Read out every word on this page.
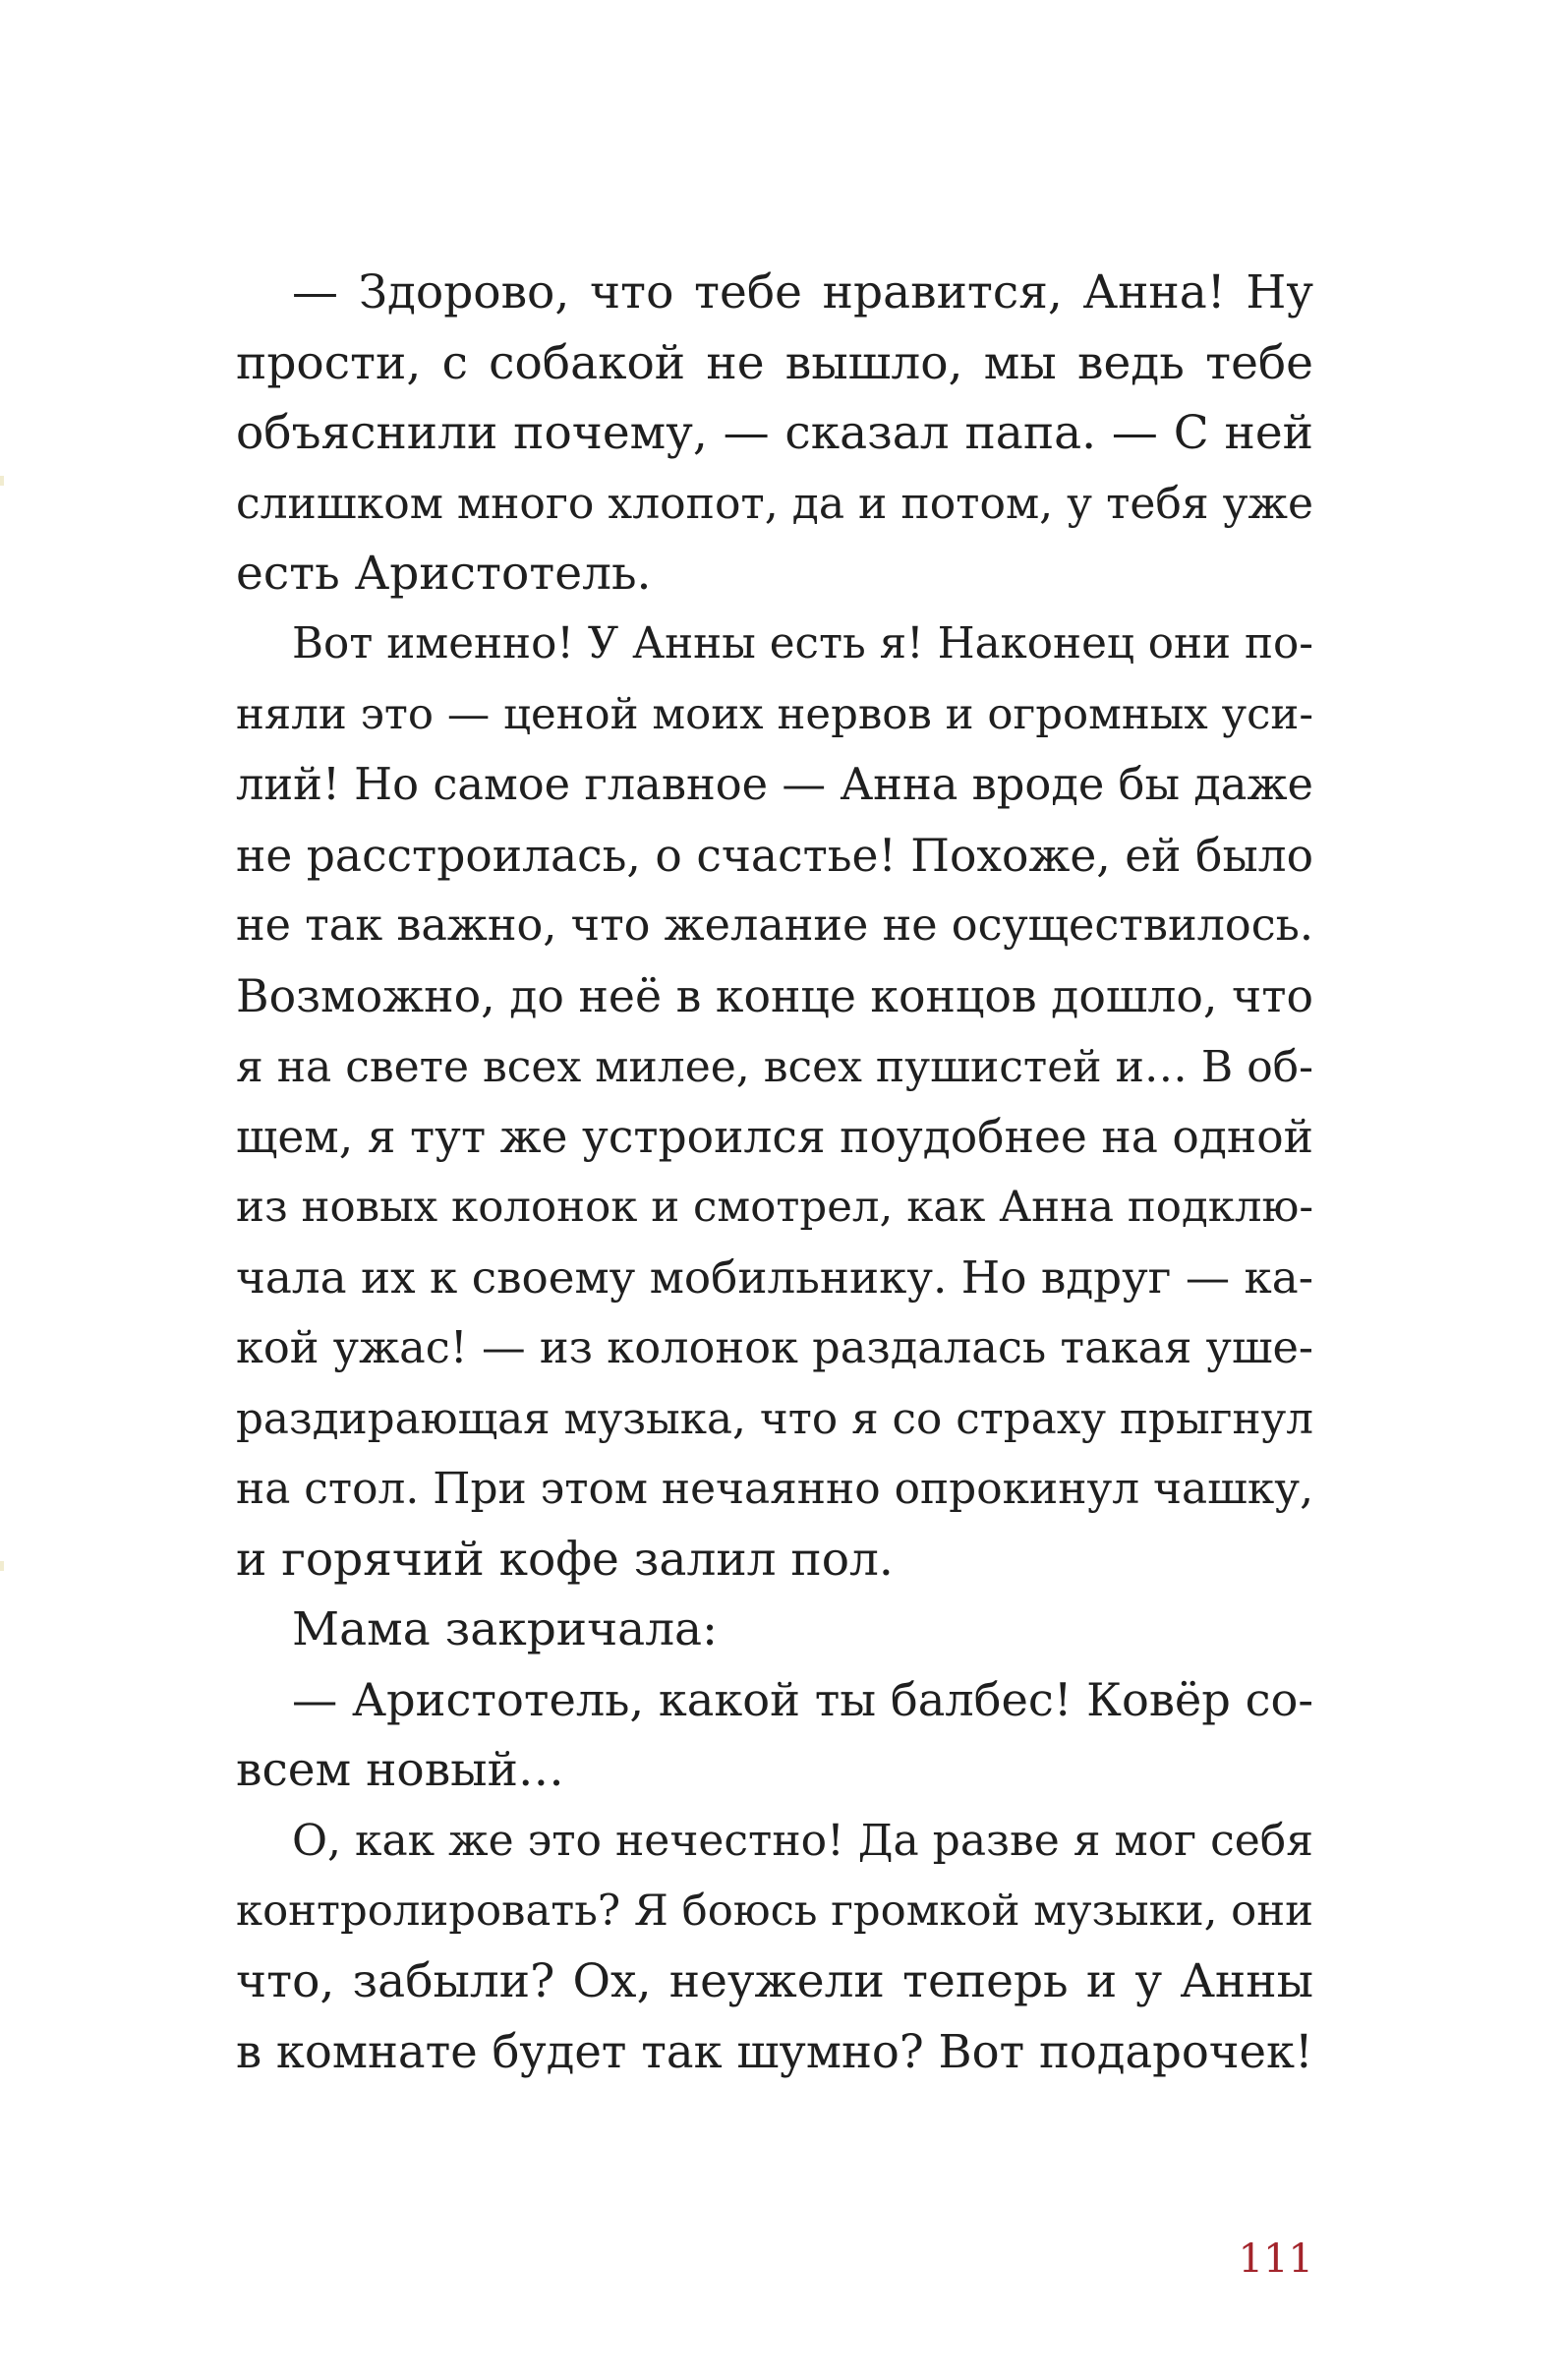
— Здорово, что тебе нравится, Анна! Ну
прости, с собакой не вышло, мы ведь тебе
объяснили почему, — сказал папа. — С ней
слишком много хлопот, да и потом, у тебя уже
есть Аристотель.
Вот именно! У Анны есть я! Наконец они по-
няли это — ценой моих нервов и огромных уси-
лий! Но самое главное — Анна вроде бы даже
не расстроилась, о счастье! Похоже, ей было
не так важно, что желание не осуществилось.
Возможно, до неё в конце концов дошло, что
я на свете всех милее, всех пушистей и… В об-
щем, я тут же устроился поудобнее на одной
из новых колонок и смотрел, как Анна подклю-
чала их к своему мобильнику. Но вдруг — ка-
кой ужас! — из колонок раздалась такая уше-
раздирающая музыка, что я со страху прыгнул
на стол. При этом нечаянно опрокинул чашку,
и горячий кофе залил пол.
Мама закричала:
— Аристотель, какой ты балбес! Ковёр со-
всем новый…
О, как же это нечестно! Да разве я мог себя
контролировать? Я боюсь громкой музыки, они
что, забыли? Ох, неужели теперь и у Анны
в комнате будет так шумно? Вот подарочек!
111
